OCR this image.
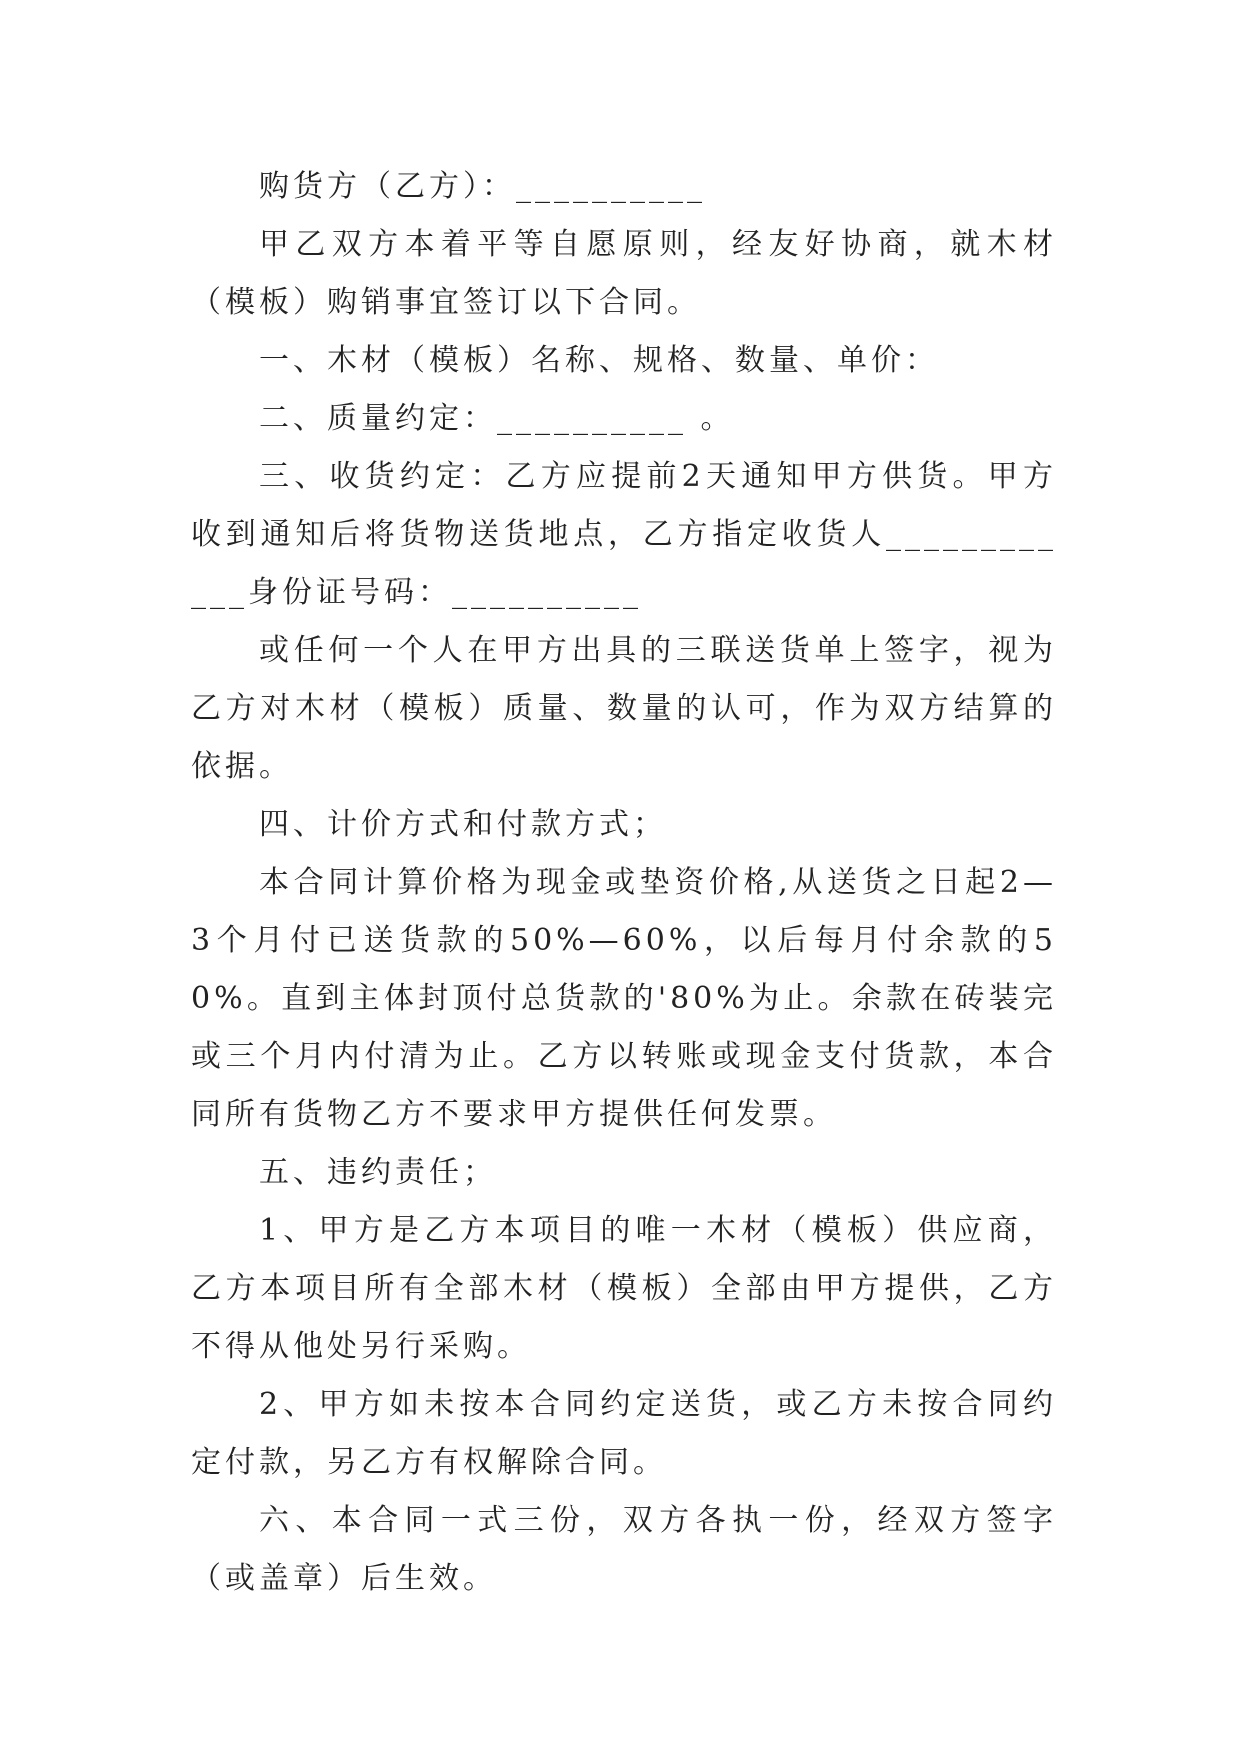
购货方（乙方）：__________

甲乙双方本着平等自愿原则，经友好协商，就木材（模板）购销事宜签订以下合同。

一、木材（模板）名称、规格、数量、单价：

二、质量约定：__________ 。

三、收货约定：乙方应提前2天通知甲方供货。甲方收到通知后将货物送货地点，乙方指定收货人____________身份证号码：__________

或任何一个人在甲方出具的三联送货单上签字，视为乙方对木材（模板）质量、数量的认可，作为双方结算的依据。

四、计价方式和付款方式；

本合同计算价格为现金或垫资价格,从送货之日起2—3个月付已送货款的50%—60%，以后每月付余款的50%。直到主体封顶付总货款的'80%为止。余款在砖装完或三个月内付清为止。乙方以转账或现金支付货款，本合同所有货物乙方不要求甲方提供任何发票。

五、违约责任；

1、甲方是乙方本项目的唯一木材（模板）供应商，乙方本项目所有全部木材（模板）全部由甲方提供，乙方不得从他处另行采购。

2、甲方如未按本合同约定送货，或乙方未按合同约定付款，另乙方有权解除合同。

六、本合同一式三份，双方各执一份，经双方签字（或盖章）后生效。
